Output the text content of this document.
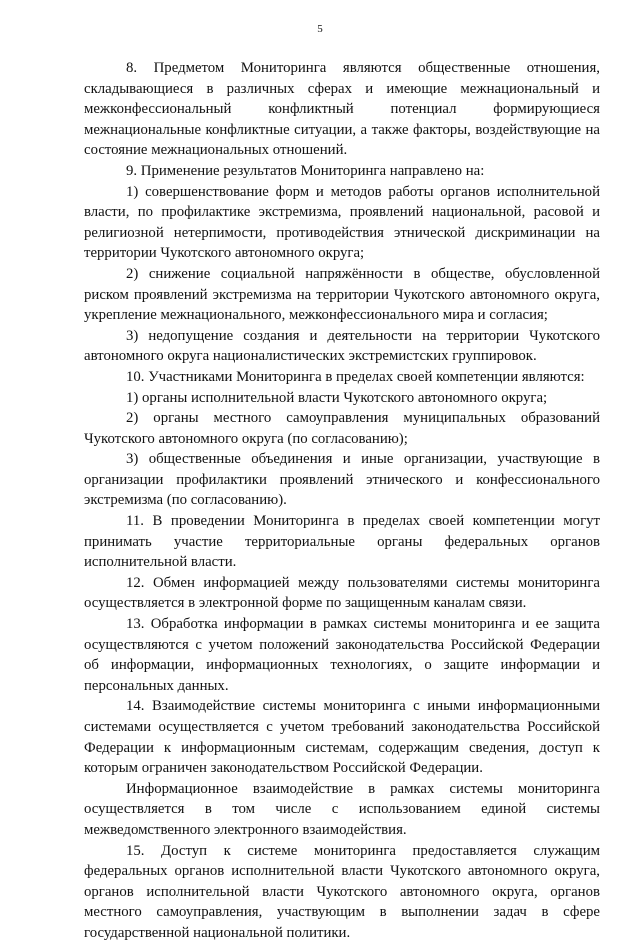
5

8. Предметом Мониторинга являются общественные отношения, складывающиеся в различных сферах и имеющие межнациональный и межконфессиональный конфликтный потенциал формирующиеся межнациональные конфликтные ситуации, а также факторы, воздействующие на состояние межнациональных отношений.

9. Применение результатов Мониторинга направлено на:

1) совершенствование форм и методов работы органов исполнительной власти, по профилактике экстремизма, проявлений национальной, расовой и религиозной нетерпимости, противодействия этнической дискриминации на территории Чукотского автономного округа;

2) снижение социальной напряжённости в обществе, обусловленной риском проявлений экстремизма на территории Чукотского автономного округа, укрепление межнационального, межконфессионального мира и согласия;

3) недопущение создания и деятельности на территории Чукотского автономного округа националистических экстремистских группировок.

10. Участниками Мониторинга в пределах своей компетенции являются:

1) органы исполнительной власти Чукотского автономного округа;

2) органы местного самоуправления муниципальных образований Чукотского автономного округа (по согласованию);

3) общественные объединения и иные организации, участвующие в организации профилактики проявлений этнического и конфессионального экстремизма (по согласованию).

11. В проведении Мониторинга в пределах своей компетенции могут принимать участие территориальные органы федеральных органов исполнительной власти.

12. Обмен информацией между пользователями системы мониторинга осуществляется в электронной форме по защищенным каналам связи.

13. Обработка информации в рамках системы мониторинга и ее защита осуществляются с учетом положений законодательства Российской Федерации об информации, информационных технологиях, о защите информации и персональных данных.

14. Взаимодействие системы мониторинга с иными информационными системами осуществляется с учетом требований законодательства Российской Федерации к информационным системам, содержащим сведения, доступ к которым ограничен законодательством Российской Федерации.

Информационное взаимодействие в рамках системы мониторинга осуществляется в том числе с использованием единой системы межведомственного электронного взаимодействия.

15. Доступ к системе мониторинга предоставляется служащим федеральных органов исполнительной власти Чукотского автономного округа, органов исполнительной власти Чукотского автономного округа, органов местного самоуправления, участвующим в выполнении задач в сфере государственной национальной политики.
